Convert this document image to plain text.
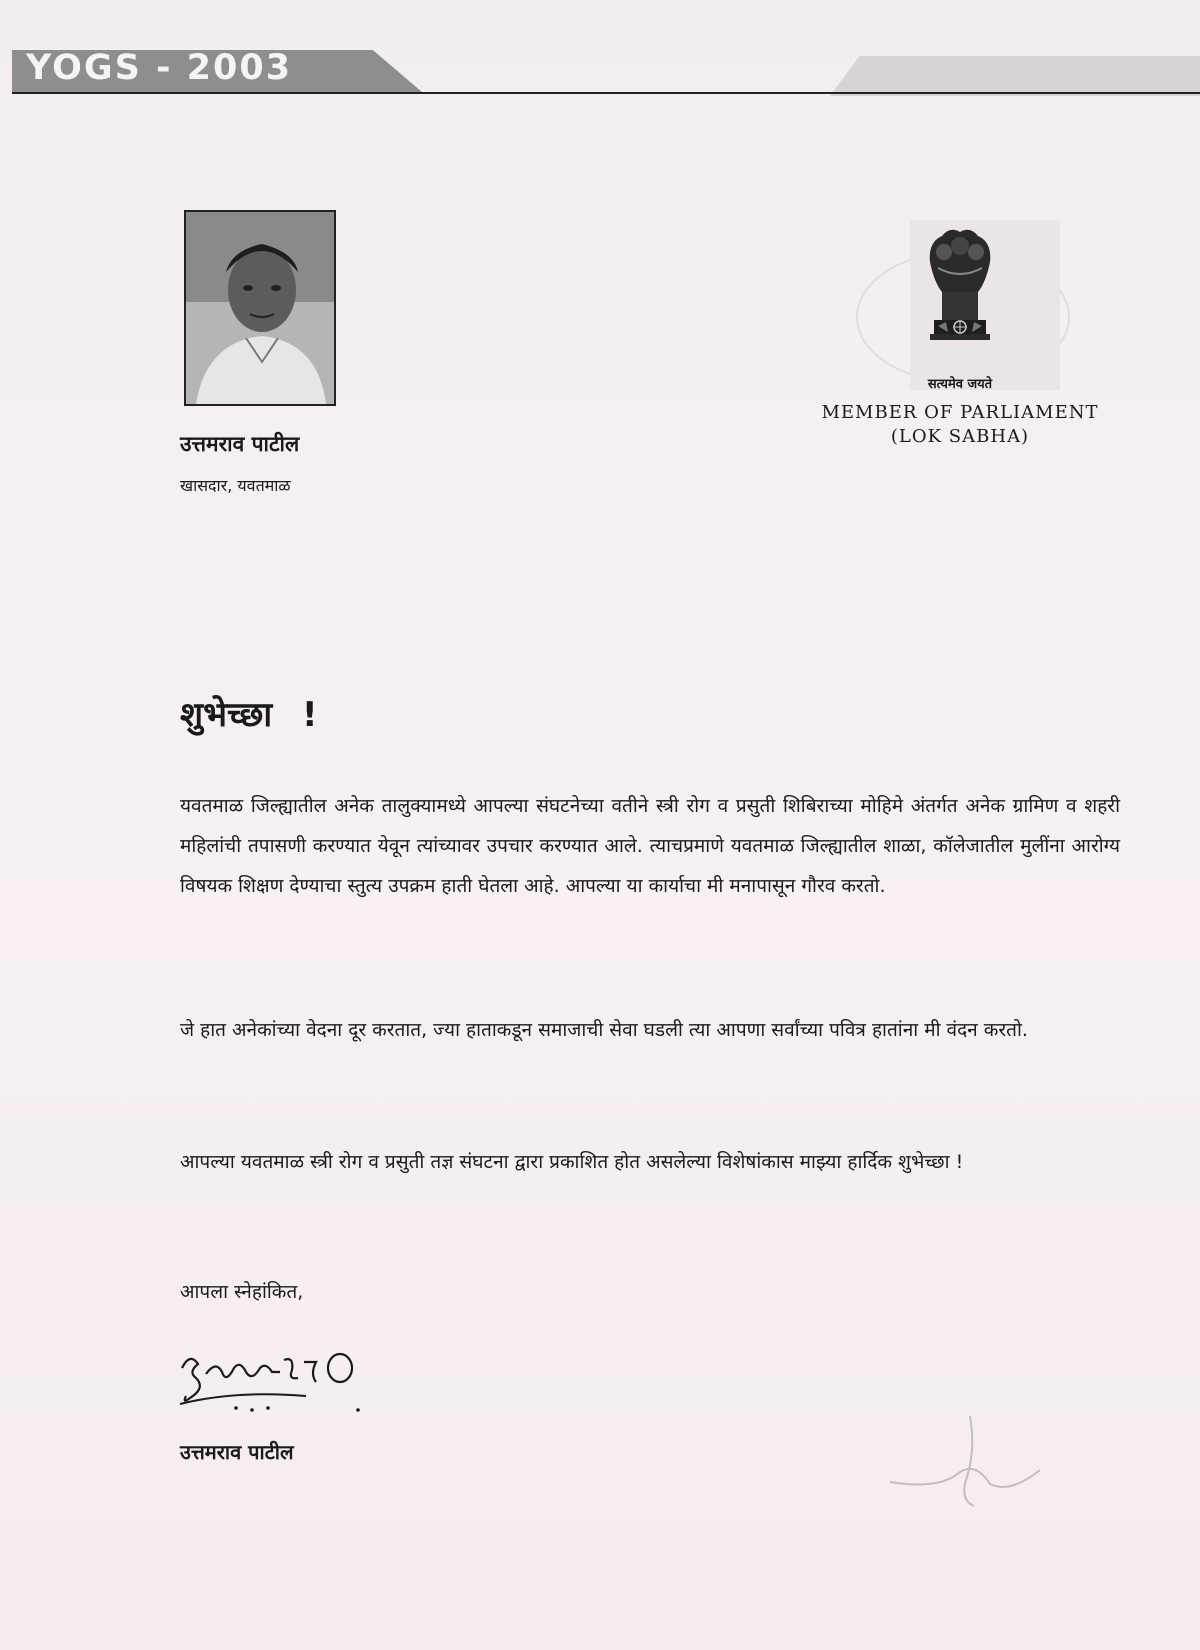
YOGS - 2003
उत्तमराव पाटील
खासदार, यवतमाळ
सत्यमेव जयते
MEMBER OF PARLIAMENT
(LOK SABHA)
शुभेच्छा !
यवतमाळ जिल्ह्यातील अनेक तालुक्यामध्ये आपल्या संघटनेच्या वतीने स्त्री रोग व प्रसुती शिबिराच्या मोहिमे अंतर्गत अनेक ग्रामिण व शहरी महिलांची तपासणी करण्यात येवून त्यांच्यावर उपचार करण्यात आले. त्याचप्रमाणे यवतमाळ जिल्ह्यातील शाळा, कॉलेजातील मुलींना आरोग्य विषयक शिक्षण देण्याचा स्तुत्य उपक्रम हाती घेतला आहे. आपल्या या कार्याचा मी मनापासून गौरव करतो.
जे हात अनेकांच्या वेदना दूर करतात, ज्या हाताकडून समाजाची सेवा घडली त्या आपणा सर्वांच्या पवित्र हातांना मी वंदन करतो.
आपल्या यवतमाळ स्त्री रोग व प्रसुती तज्ञ संघटना द्वारा प्रकाशित होत असलेल्या विशेषांकास माझ्या हार्दिक शुभेच्छा !
आपला स्नेहांकित,
उत्तमराव पाटील
